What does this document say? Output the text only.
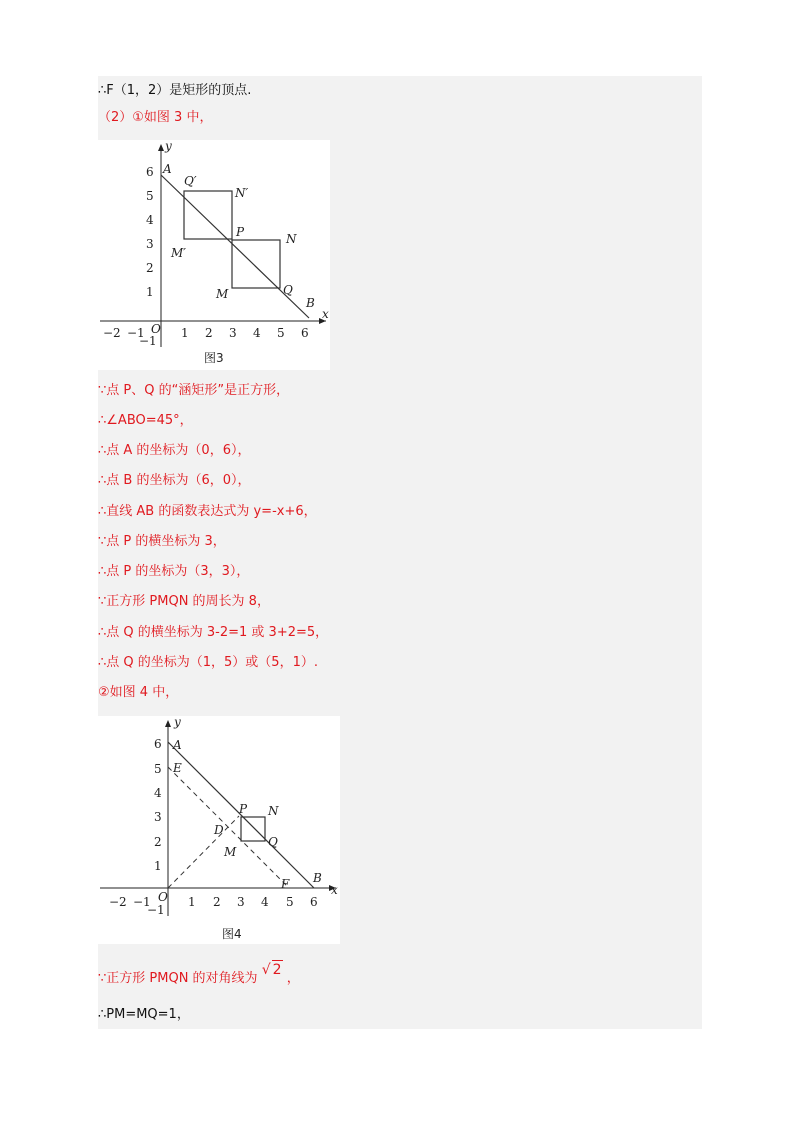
∴F（1，2）是矩形的顶点.
（2）①如图 3 中，
x
y
O
−2 −1	1 2 3 4 5 6
6
5
4
3
2
1
−1
A
B
P	N
M	Q
Q′
N′
M′
图3
∵点 P、Q 的“涵矩形”是正方形，
∴∠ABO=45°，
∴点 A 的坐标为（0，6），
∴点 B 的坐标为（6，0），
∴直线 AB 的函数表达式为 y=-x+6，
∵点 P 的横坐标为 3，
∴点 P 的坐标为（3，3），
∵正方形 PMQN 的周长为 8，
∴点 Q 的横坐标为 3-2=1 或 3+2=5，
∴点 Q 的坐标为（1，5）或（5，1）.
②如图 4 中，
x
y
O
−2 −1	1 2 3 4 5 6
6
5
4
3
2
1
−1
A
B
E
D
P N
M
Q
F
图4
∵正方形 PMQN 的对角线为 √ 2 ，
∴PM=MQ=1，
